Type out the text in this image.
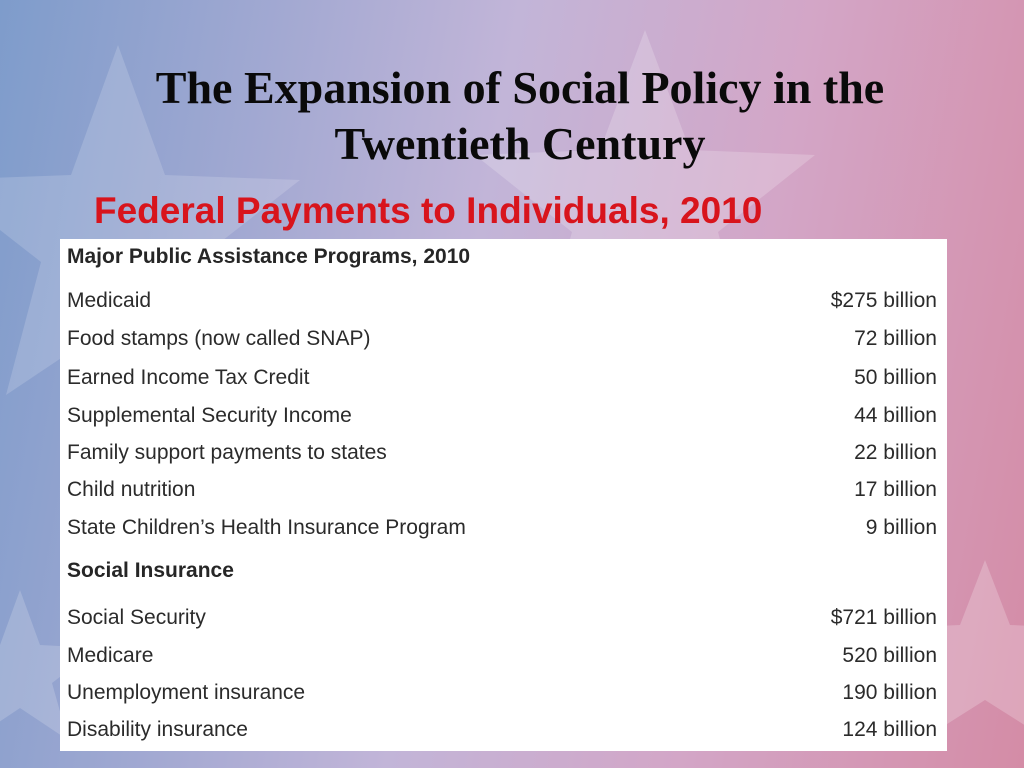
The Expansion of Social Policy in the
Twentieth Century
Federal Payments to Individuals, 2010
Major Public Assistance Programs, 2010
Medicaid	$275 billion
Food stamps (now called SNAP)	72 billion
Earned Income Tax Credit	50 billion
Supplemental Security Income	44 billion
Family support payments to states	22 billion
Child nutrition	17 billion
State Children’s Health Insurance Program	9 billion
Social Insurance
Social Security	$721 billion
Medicare	520 billion
Unemployment insurance	190 billion
Disability insurance	124 billion
